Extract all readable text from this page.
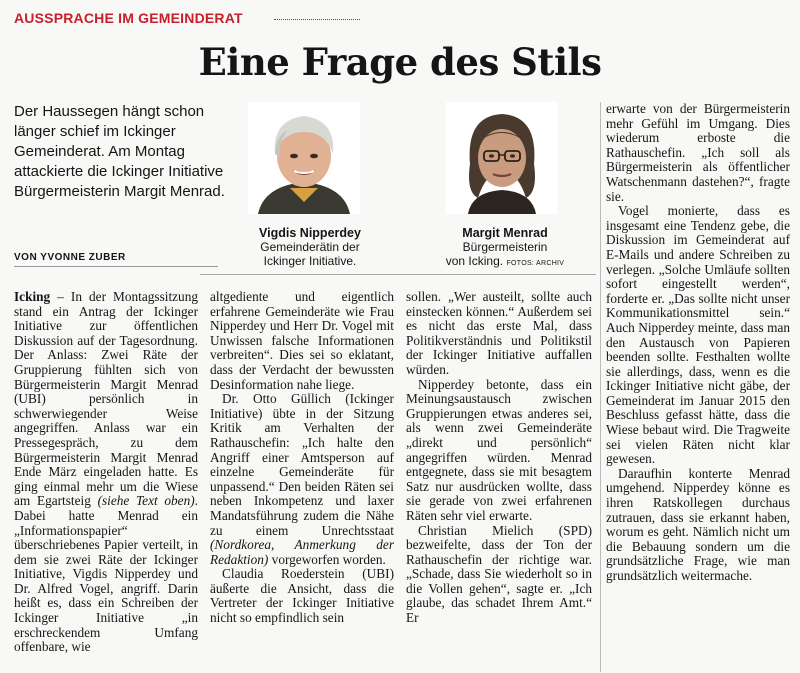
AUSSPRACHE IM GEMEINDERAT
Eine Frage des Stils
Der Haussegen hängt schon länger schief im Ickinger Gemeinderat. Am Montag attackierte die Ickinger Initiative Bürgermeisterin Margit Menrad.
VON YVONNE ZUBER
Vigdis Nipperdey
Gemeinderätin der
Ickinger Initiative.
Margit Menrad
Bürgermeisterin
von Icking. FOTOS: ARCHIV

Icking – In der Montagssitzung stand ein Antrag der Ickinger Initiative zur öffentlichen Diskussion auf der Tagesordnung. Der Anlass: Zwei Räte der Gruppierung fühlten sich von Bürgermeisterin Margit Menrad (UBI) persönlich in schwerwiegender Weise angegriffen. Anlass war ein Pressegespräch, zu dem Bürgermeisterin Margit Menrad Ende März eingeladen hatte. Es ging einmal mehr um die Wiese am Egartsteig (siehe Text oben). Dabei hatte Menrad ein „Informationspapier“ überschriebenes Papier verteilt, in dem sie zwei Räte der Ickinger Initiative, Vigdis Nipperdey und Dr. Alfred Vogel, angriff. Darin heißt es, dass ein Schreiben der Ickinger Initiative „in erschreckendem Umfang offenbare, wie

altgediente und eigentlich erfahrene Gemeinderäte wie Frau Nipperdey und Herr Dr. Vogel mit Unwissen falsche Informationen verbreiten“. Dies sei so eklatant, dass der Verdacht der bewussten Desinformation nahe liege.

Dr. Otto Güllich (Ickinger Initiative) übte in der Sitzung Kritik am Verhalten der Rathauschefin: „Ich halte den Angriff einer Amtsperson auf einzelne Gemeinderäte für unpassend.“ Den beiden Räten sei neben Inkompetenz und laxer Mandatsführung zudem die Nähe zu einem Unrechtsstaat (Nordkorea, Anmerkung der Redaktion) vorgeworfen worden.

Claudia Roederstein (UBI) äußerte die Ansicht, dass die Vertreter der Ickinger Initiative nicht so empfindlich sein

sollen. „Wer austeilt, sollte auch einstecken können.“ Außerdem sei es nicht das erste Mal, dass Politikverständnis und Politikstil der Ickinger Initiative auffallen würden.

Nipperdey betonte, dass ein Meinungsaustausch zwischen Gruppierungen etwas anderes sei, als wenn zwei Gemeinderäte „direkt und persönlich“ angegriffen würden. Menrad entgegnete, dass sie mit besagtem Satz nur ausdrücken wollte, dass sie gerade von zwei erfahrenen Räten sehr viel erwarte.

Christian Mielich (SPD) bezweifelte, dass der Ton der Rathauschefin der richtige war. „Schade, dass Sie wiederholt so in die Vollen gehen“, sagte er. „Ich glaube, das schadet Ihrem Amt.“ Er

erwarte von der Bürgermeisterin mehr Gefühl im Umgang. Dies wiederum erboste die Rathauschefin. „Ich soll als Bürgermeisterin als öffentlicher Watschenmann dastehen?“, fragte sie.

Vogel monierte, dass es insgesamt eine Tendenz gebe, die Diskussion im Gemeinderat auf E-Mails und andere Schreiben zu verlegen. „Solche Umläufe sollten sofort eingestellt werden“, forderte er. „Das sollte nicht unser Kommunikationsmittel sein.“ Auch Nipperdey meinte, dass man den Austausch von Papieren beenden sollte. Festhalten wollte sie allerdings, dass, wenn es die Ickinger Initiative nicht gäbe, der Gemeinderat im Januar 2015 den Beschluss gefasst hätte, dass die Wiese bebaut wird. Die Tragweite sei vielen Räten nicht klar gewesen.

Daraufhin konterte Menrad umgehend. Nipperdey könne es ihren Ratskollegen durchaus zutrauen, dass sie erkannt haben, worum es geht. Nämlich nicht um die Bebauung sondern um die grundsätzliche Frage, wie man grundsätzlich weitermache.
